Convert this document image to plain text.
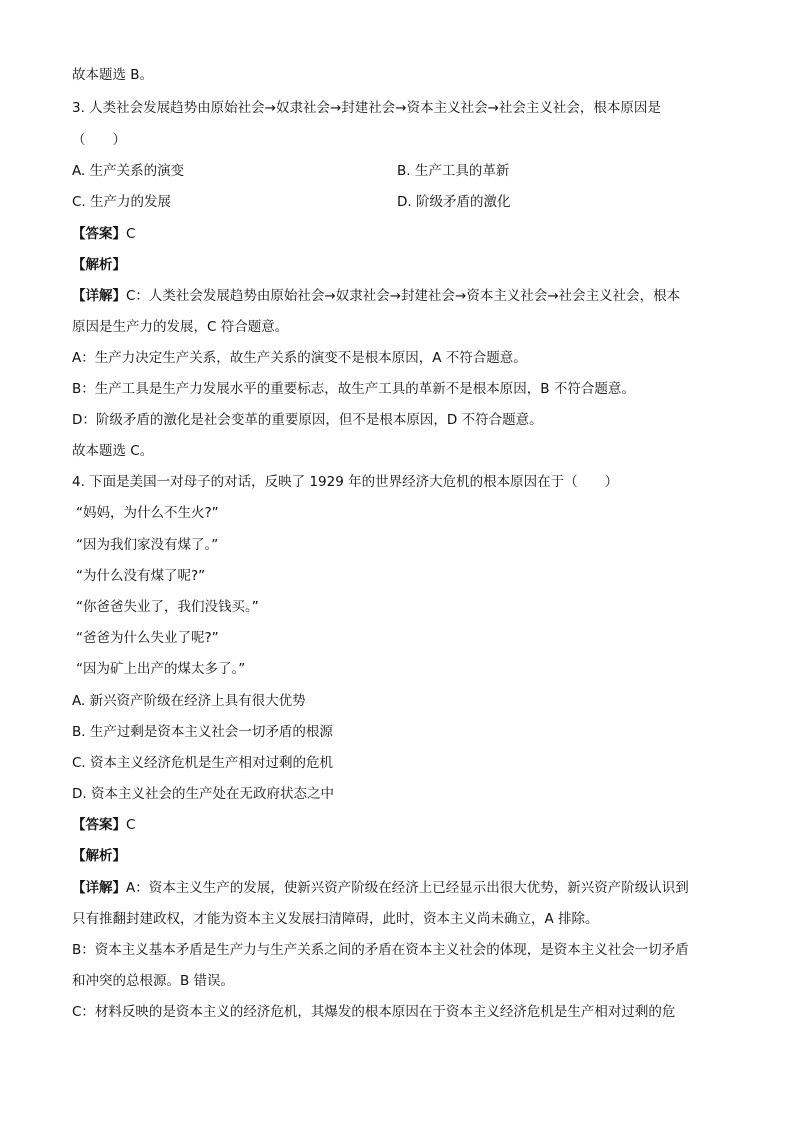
故本题选 B。
3. 人类社会发展趋势由原始社会→奴隶社会→封建社会→资本主义社会→社会主义社会，根本原因是
（　　）
A. 生产关系的演变	B. 生产工具的革新
C. 生产力的发展	D. 阶级矛盾的激化
【答案】C
【解析】
【详解】C：人类社会发展趋势由原始社会→奴隶社会→封建社会→资本主义社会→社会主义社会，根本
原因是生产力的发展，C 符合题意。
A：生产力决定生产关系，故生产关系的演变不是根本原因，A 不符合题意。
B：生产工具是生产力发展水平的重要标志，故生产工具的革新不是根本原因，B 不符合题意。
D：阶级矛盾的激化是社会变革的重要原因，但不是根本原因，D 不符合题意。
故本题选 C。
4. 下面是美国一对母子的对话，反映了 1929 年的世界经济大危机的根本原因在于（　　）
“妈妈，为什么不生火?”
“因为我们家没有煤了。”
“为什么没有煤了呢?”
“你爸爸失业了，我们没钱买。”
“爸爸为什么失业了呢?”
“因为矿上出产的煤太多了。”
A. 新兴资产阶级在经济上具有很大优势
B. 生产过剩是资本主义社会一切矛盾的根源
C. 资本主义经济危机是生产相对过剩的危机
D. 资本主义社会的生产处在无政府状态之中
【答案】C
【解析】
【详解】A：资本主义生产的发展，使新兴资产阶级在经济上已经显示出很大优势，新兴资产阶级认识到
只有推翻封建政权，才能为资本主义发展扫清障碍，此时，资本主义尚未确立，A 排除。
B：资本主义基本矛盾是生产力与生产关系之间的矛盾在资本主义社会的体现，是资本主义社会一切矛盾
和冲突的总根源。B 错误。
C：材料反映的是资本主义的经济危机，其爆发的根本原因在于资本主义经济危机是生产相对过剩的危
